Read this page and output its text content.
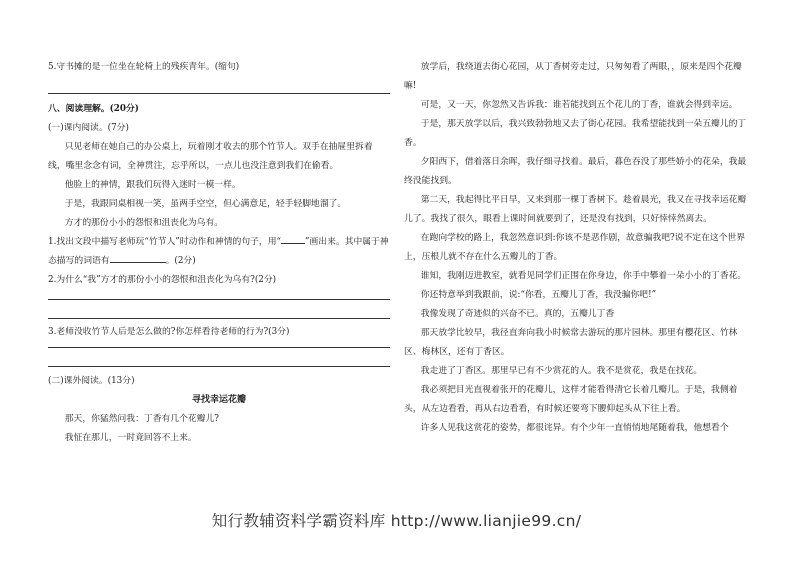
5.守书摊的是一位坐在轮椅上的残疾青年。(缩句)

八、阅读理解。(20分)

(一)课内阅读。(7分)

只见老师在她自己的办公桌上，玩着刚才收去的那个竹节人。双手在抽屉里拆着线，嘴里念念有词，全神贯注，忘乎所以，一点儿也没注意到我们在偷看。

他脸上的神情，跟我们玩得入迷时一模一样。

于是，我跟同桌相视一笑，虽两手空空，但心满意足，轻手轻脚地溜了。

方才的那份小小的怨恨和沮丧化为乌有。

1.找出文段中描写老师玩“竹节人”时动作和神情的句子，用“	”画出来。其中属于神态描写的词语有	。(2分)

2.为什么“我”方才的那份小小的怨恨和沮丧化为乌有?(2分)

3.老师没收竹节人后是怎么做的?你怎样看待老师的行为?(3分)

(二)课外阅读。(13分)

寻找幸运花瓣

那天，你猛然问我：丁香有几个花瓣儿?

我怔在那儿，一时竟回答不上来。

放学后，我绕道去街心花园，从丁香树旁走过，只匆匆看了两眼，，原来是四个花瓣嘛!

可是，又一天，你忽然又告诉我：谁若能找到五个花儿的丁香，谁就会得到幸运。

于是，那天放学以后，我兴致勃勃地又去了街心花园。我希望能找到一朵五瓣儿的丁香。

夕阳西下，借着落日余晖，我仔细寻找着。最后，暮色吞没了那些娇小的花朵，我最终没能找到。

第二天，我起得比平日早，又来到那一棵丁香树下。趁着晨光，我又在寻找幸运花瓣儿了。我找了很久，眼看上课时间就要到了，还是没有找到，只好悻悻然离去。

在跑向学校的路上，我忽然意识到:你该不是恶作剧，故意骗我吧?说不定在这个世界上，压根儿就不存在什么五瓣儿的丁香。

谁知，我刚迈进教室，就看见同学们正围在你身边，你手中攀着一朵小小的丁香花。

你还特意举到我跟前，说:“你看，五瓣儿丁香，我没骗你吧!”

我像发现了奇迹似的兴奋不已。真的，五瓣儿丁香

那天放学比较早，我径直奔向我小时候常去游玩的那片园林。那里有樱花区、竹林区、梅林区，还有丁香区。

我走进了丁香区。那里早已有不少赏花的人。我不是赏花，我是在找花。

我必须把目光直视着张开的花瓣儿，这样才能看得清它长着几瓣儿。于是，我侧着头，从左边看看，再从右边看看，有时候还要弯下腰仰起头从下往上看。

许多人见我这赏花的姿势，都很诧异。有个少年一直悄悄地尾随着我，他想看个

知行教辅资料学霸资料库 http://www.lianjie99.cn/
